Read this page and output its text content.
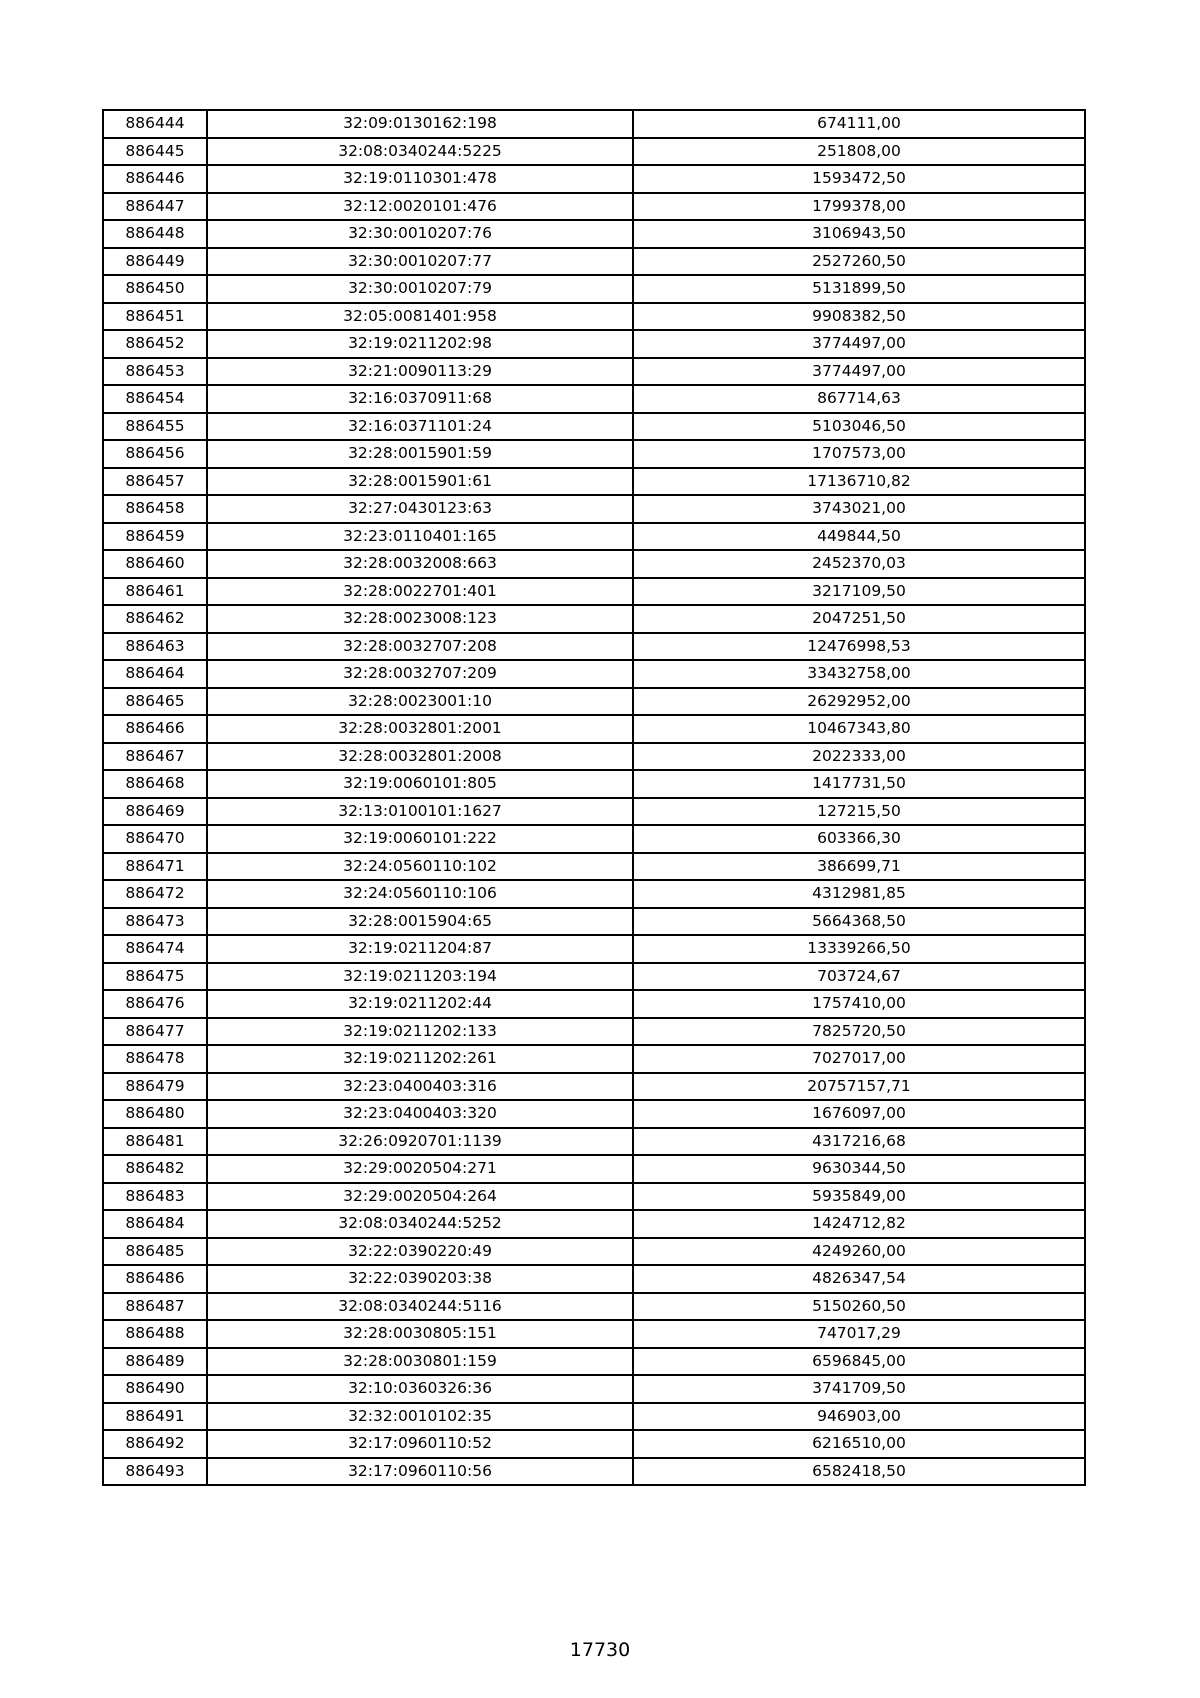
886444	32:09:0130162:198	674111,00
886445	32:08:0340244:5225	251808,00
886446	32:19:0110301:478	1593472,50
886447	32:12:0020101:476	1799378,00
886448	32:30:0010207:76	3106943,50
886449	32:30:0010207:77	2527260,50
886450	32:30:0010207:79	5131899,50
886451	32:05:0081401:958	9908382,50
886452	32:19:0211202:98	3774497,00
886453	32:21:0090113:29	3774497,00
886454	32:16:0370911:68	867714,63
886455	32:16:0371101:24	5103046,50
886456	32:28:0015901:59	1707573,00
886457	32:28:0015901:61	17136710,82
886458	32:27:0430123:63	3743021,00
886459	32:23:0110401:165	449844,50
886460	32:28:0032008:663	2452370,03
886461	32:28:0022701:401	3217109,50
886462	32:28:0023008:123	2047251,50
886463	32:28:0032707:208	12476998,53
886464	32:28:0032707:209	33432758,00
886465	32:28:0023001:10	26292952,00
886466	32:28:0032801:2001	10467343,80
886467	32:28:0032801:2008	2022333,00
886468	32:19:0060101:805	1417731,50
886469	32:13:0100101:1627	127215,50
886470	32:19:0060101:222	603366,30
886471	32:24:0560110:102	386699,71
886472	32:24:0560110:106	4312981,85
886473	32:28:0015904:65	5664368,50
886474	32:19:0211204:87	13339266,50
886475	32:19:0211203:194	703724,67
886476	32:19:0211202:44	1757410,00
886477	32:19:0211202:133	7825720,50
886478	32:19:0211202:261	7027017,00
886479	32:23:0400403:316	20757157,71
886480	32:23:0400403:320	1676097,00
886481	32:26:0920701:1139	4317216,68
886482	32:29:0020504:271	9630344,50
886483	32:29:0020504:264	5935849,00
886484	32:08:0340244:5252	1424712,82
886485	32:22:0390220:49	4249260,00
886486	32:22:0390203:38	4826347,54
886487	32:08:0340244:5116	5150260,50
886488	32:28:0030805:151	747017,29
886489	32:28:0030801:159	6596845,00
886490	32:10:0360326:36	3741709,50
886491	32:32:0010102:35	946903,00
886492	32:17:0960110:52	6216510,00
886493	32:17:0960110:56	6582418,50
17730
